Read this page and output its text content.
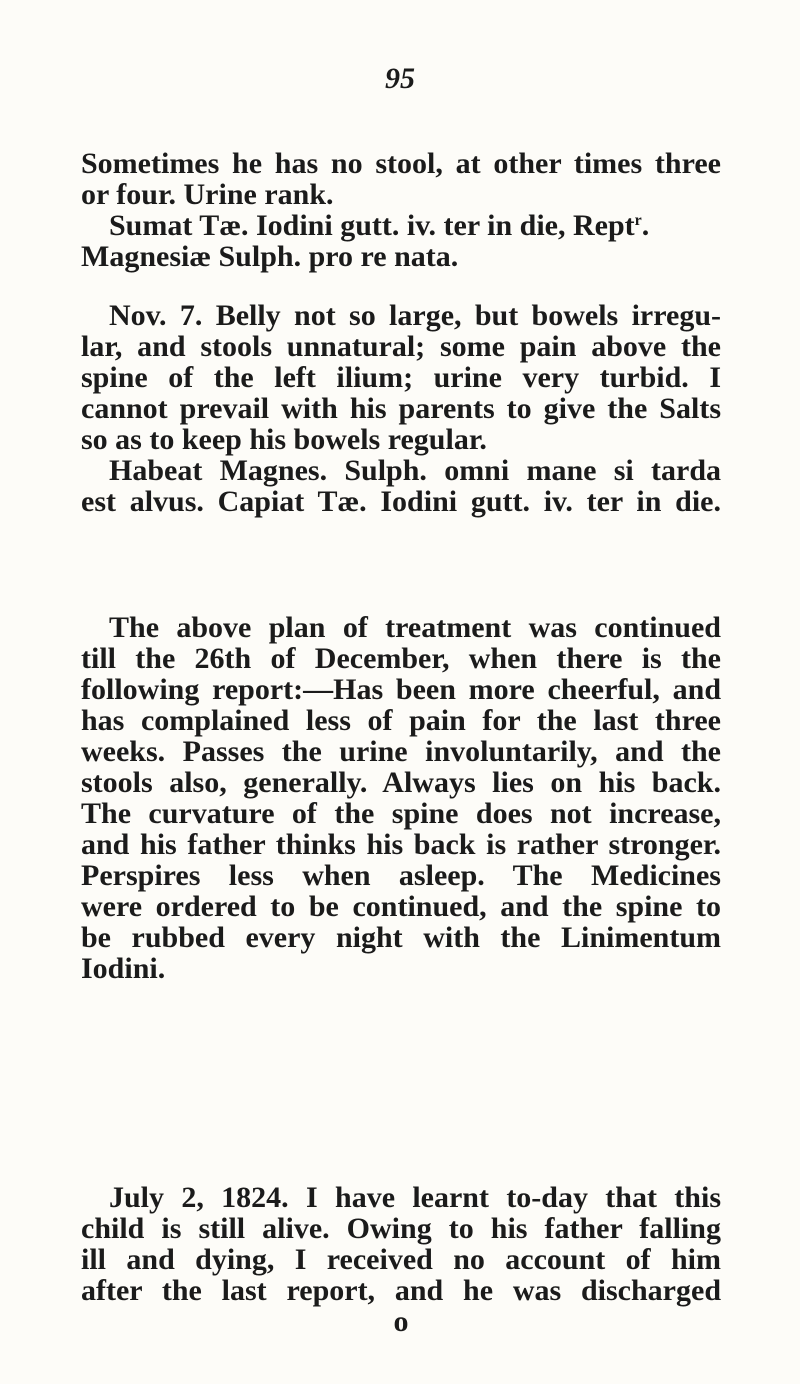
95
Sometimes he has no stool, at other times three
or four. Urine rank.
Sumat Tæ. Iodini gutt. iv. ter in die, Rept$^r$.
Magnesiæ Sulph. pro re nata.
Nov. 7. Belly not so large, but bowels irregu-
lar, and stools unnatural; some pain above the
spine of the left ilium; urine very turbid. I
cannot prevail with his parents to give the Salts
so as to keep his bowels regular.
Habeat Magnes. Sulph. omni mane si tarda
est alvus. Capiat Tæ. Iodini gutt. iv. ter in die.
The above plan of treatment was continued
till the 26th of December, when there is the
following report:—Has been more cheerful, and
has complained less of pain for the last three
weeks. Passes the urine involuntarily, and the
stools also, generally. Always lies on his back.
The curvature of the spine does not increase,
and his father thinks his back is rather stronger.
Perspires less when asleep. The Medicines
were ordered to be continued, and the spine to
be rubbed every night with the Linimentum
Iodini.
July 2, 1824. I have learnt to-day that this
child is still alive. Owing to his father falling
ill and dying, I received no account of him
after the last report, and he was discharged
o
